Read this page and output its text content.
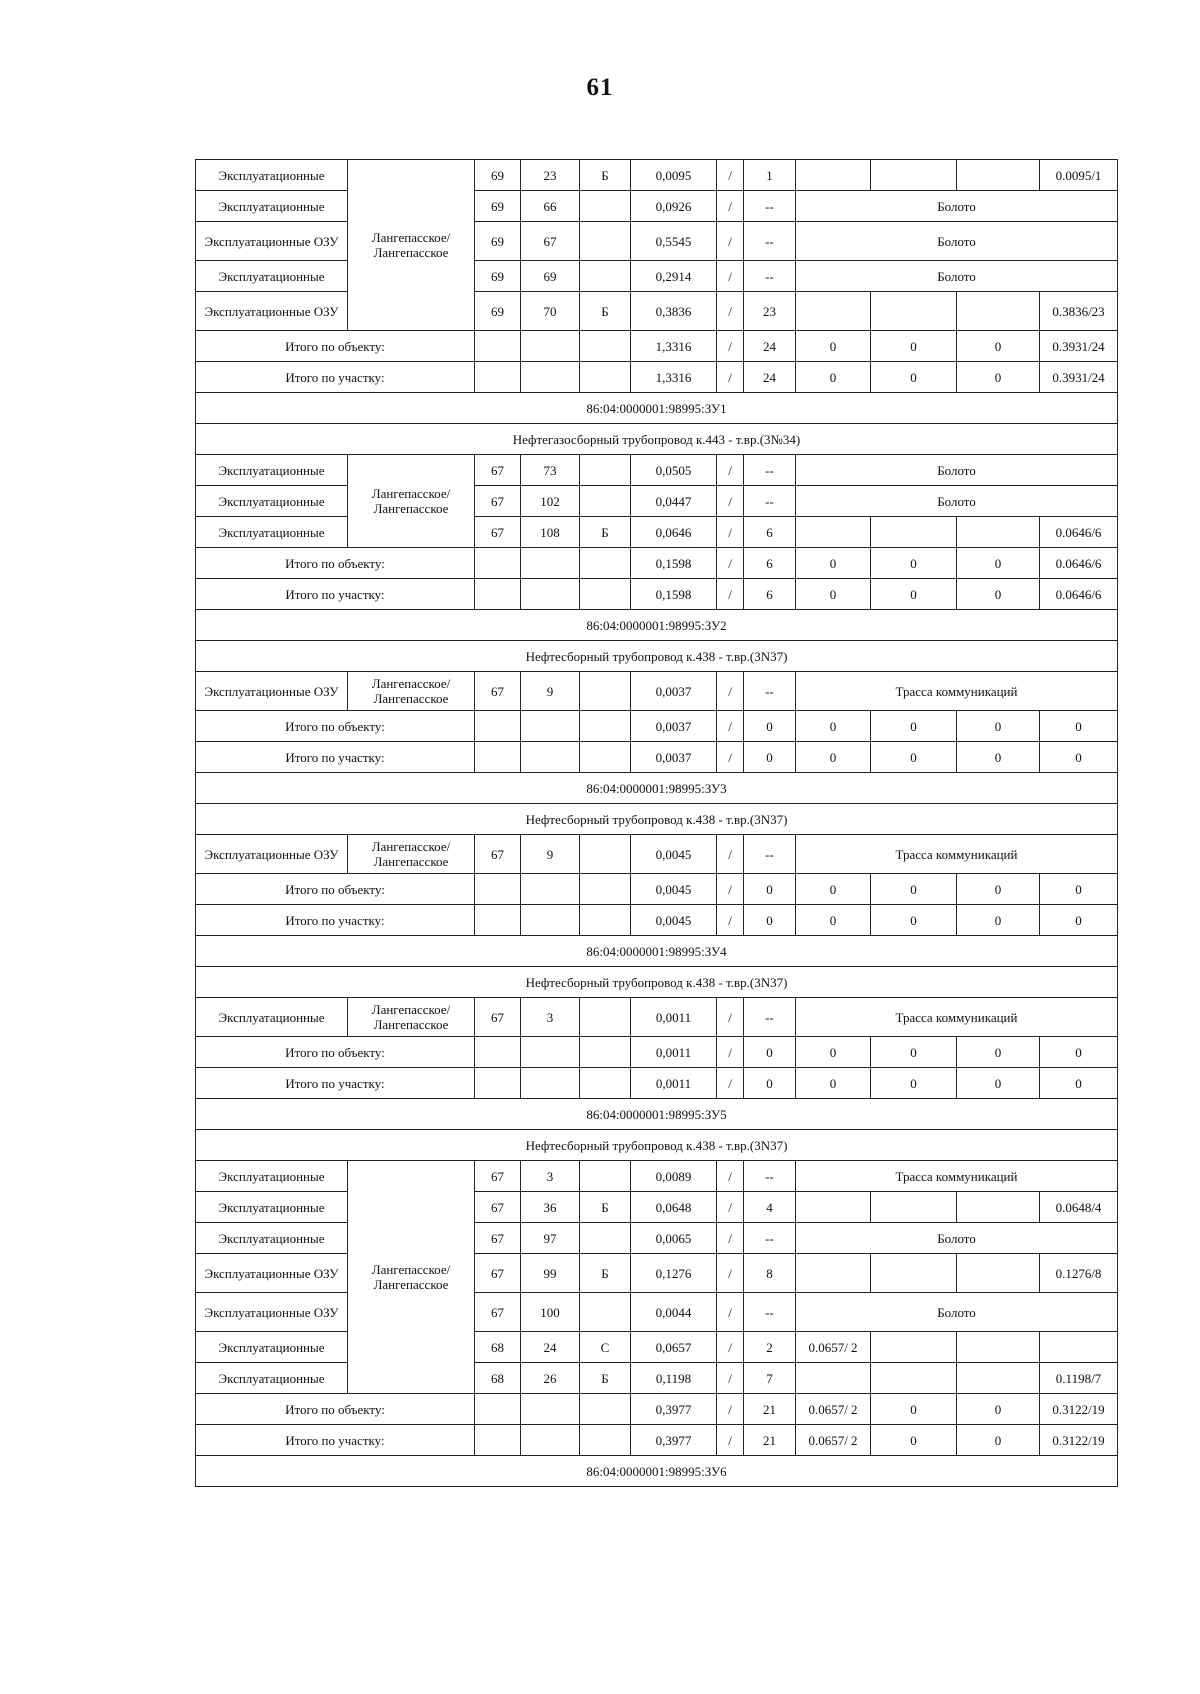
61
Эксплуатационные	Лангепасское/ Лангепасское	69	23	Б	0,0095	/	1				0.0095/1
Эксплуатационные		69	66		0,0926	/	--	Болото			
Эксплуатационные ОЗУ		69	67		0,5545	/	--	Болото			
Эксплуатационные		69	69		0,2914	/	--	Болото			
Эксплуатационные ОЗУ		69	70	Б	0,3836	/	23				0.3836/23
Итого по объекту:					1,3316	/	24	0	0	0	0.3931/24
Итого по участку:					1,3316	/	24	0	0	0	0.3931/24
86:04:0000001:98995:ЗУ1											
Нефтегазосборный трубопровод к.443 - т.вр.(3№34)											
Эксплуатационные	Лангепасское/ Лангепасское	67	73		0,0505	/	--	Болото			
Эксплуатационные		67	102		0,0447	/	--	Болото			
Эксплуатационные		67	108	Б	0,0646	/	6				0.0646/6
Итого по объекту:					0,1598	/	6	0	0	0	0.0646/6
Итого по участку:					0,1598	/	6	0	0	0	0.0646/6
86:04:0000001:98995:ЗУ2											
Нефтесборный трубопровод к.438 - т.вр.(3N37)											
Эксплуатационные ОЗУ	Лангепасское/ Лангепасское	67	9		0,0037	/	--	Трасса коммуникаций			
Итого по объекту:					0,0037	/	0	0	0	0	0
Итого по участку:					0,0037	/	0	0	0	0	0
86:04:0000001:98995:ЗУ3											
Нефтесборный трубопровод к.438 - т.вр.(3N37)											
Эксплуатационные ОЗУ	Лангепасское/ Лангепасское	67	9		0,0045	/	--	Трасса коммуникаций			
Итого по объекту:					0,0045	/	0	0	0	0	0
Итого по участку:					0,0045	/	0	0	0	0	0
86:04:0000001:98995:ЗУ4											
Нефтесборный трубопровод к.438 - т.вр.(3N37)											
Эксплуатационные	Лангепасское/ Лангепасское	67	3		0,0011	/	--	Трасса коммуникаций			
Итого по объекту:					0,0011	/	0	0	0	0	0
Итого по участку:					0,0011	/	0	0	0	0	0
86:04:0000001:98995:ЗУ5											
Нефтесборный трубопровод к.438 - т.вр.(3N37)											
Эксплуатационные	Лангепасское/ Лангепасское	67	3		0,0089	/	--	Трасса коммуникаций			
Эксплуатационные		67	36	Б	0,0648	/	4				0.0648/4
Эксплуатационные		67	97		0,0065	/	--	Болото			
Эксплуатационные ОЗУ		67	99	Б	0,1276	/	8				0.1276/8
Эксплуатационные ОЗУ		67	100		0,0044	/	--	Болото			
Эксплуатационные		68	24	С	0,0657	/	2	0.0657/ 2			
Эксплуатационные		68	26	Б	0,1198	/	7				0.1198/7
Итого по объекту:					0,3977	/	21	0.0657/ 2	0	0	0.3122/19
Итого по участку:					0,3977	/	21	0.0657/ 2	0	0	0.3122/19
86:04:0000001:98995:ЗУ6											
